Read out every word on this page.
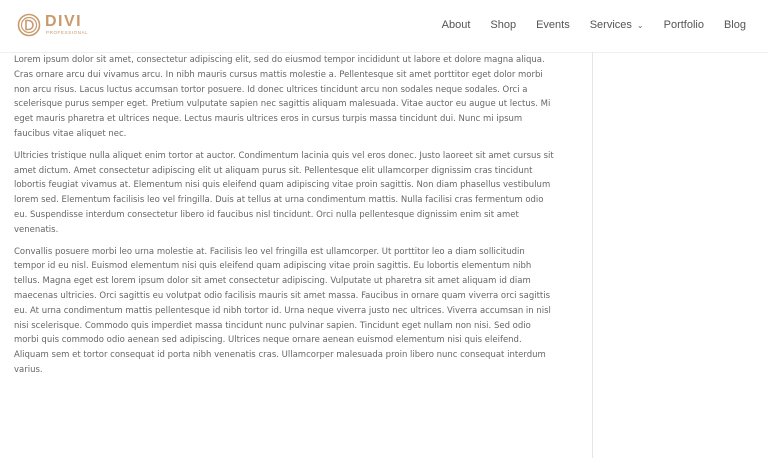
DIVI
PROFESSIONAL
About Shop Events Services ⌄ Portfolio Blog

Lorem ipsum dolor sit amet, consectetur adipiscing elit, sed do eiusmod tempor incididunt ut labore et dolore magna aliqua. Cras ornare arcu dui vivamus arcu. In nibh mauris cursus mattis molestie a. Pellentesque sit amet porttitor eget dolor morbi non arcu risus. Lacus luctus accumsan tortor posuere. Id donec ultrices tincidunt arcu non sodales neque sodales. Orci a scelerisque purus semper eget. Pretium vulputate sapien nec sagittis aliquam malesuada. Vitae auctor eu augue ut lectus. Mi eget mauris pharetra et ultrices neque. Lectus mauris ultrices eros in cursus turpis massa tincidunt dui. Nunc mi ipsum faucibus vitae aliquet nec.

Ultricies tristique nulla aliquet enim tortor at auctor. Condimentum lacinia quis vel eros donec. Justo laoreet sit amet cursus sit amet dictum. Amet consectetur adipiscing elit ut aliquam purus sit. Pellentesque elit ullamcorper dignissim cras tincidunt lobortis feugiat vivamus at. Elementum nisi quis eleifend quam adipiscing vitae proin sagittis. Non diam phasellus vestibulum lorem sed. Elementum facilisis leo vel fringilla. Duis at tellus at urna condimentum mattis. Nulla facilisi cras fermentum odio eu. Suspendisse interdum consectetur libero id faucibus nisl tincidunt. Orci nulla pellentesque dignissim enim sit amet venenatis.

Convallis posuere morbi leo urna molestie at. Facilisis leo vel fringilla est ullamcorper. Ut porttitor leo a diam sollicitudin tempor id eu nisl. Euismod elementum nisi quis eleifend quam adipiscing vitae proin sagittis. Eu lobortis elementum nibh tellus. Magna eget est lorem ipsum dolor sit amet consectetur adipiscing. Vulputate ut pharetra sit amet aliquam id diam maecenas ultricies. Orci sagittis eu volutpat odio facilisis mauris sit amet massa. Faucibus in ornare quam viverra orci sagittis eu. At urna condimentum mattis pellentesque id nibh tortor id. Urna neque viverra justo nec ultrices. Viverra accumsan in nisl nisi scelerisque. Commodo quis imperdiet massa tincidunt nunc pulvinar sapien. Tincidunt eget nullam non nisi. Sed odio morbi quis commodo odio aenean sed adipiscing. Ultrices neque ornare aenean euismod elementum nisi quis eleifend. Aliquam sem et tortor consequat id porta nibh venenatis cras. Ullamcorper malesuada proin libero nunc consequat interdum varius.
